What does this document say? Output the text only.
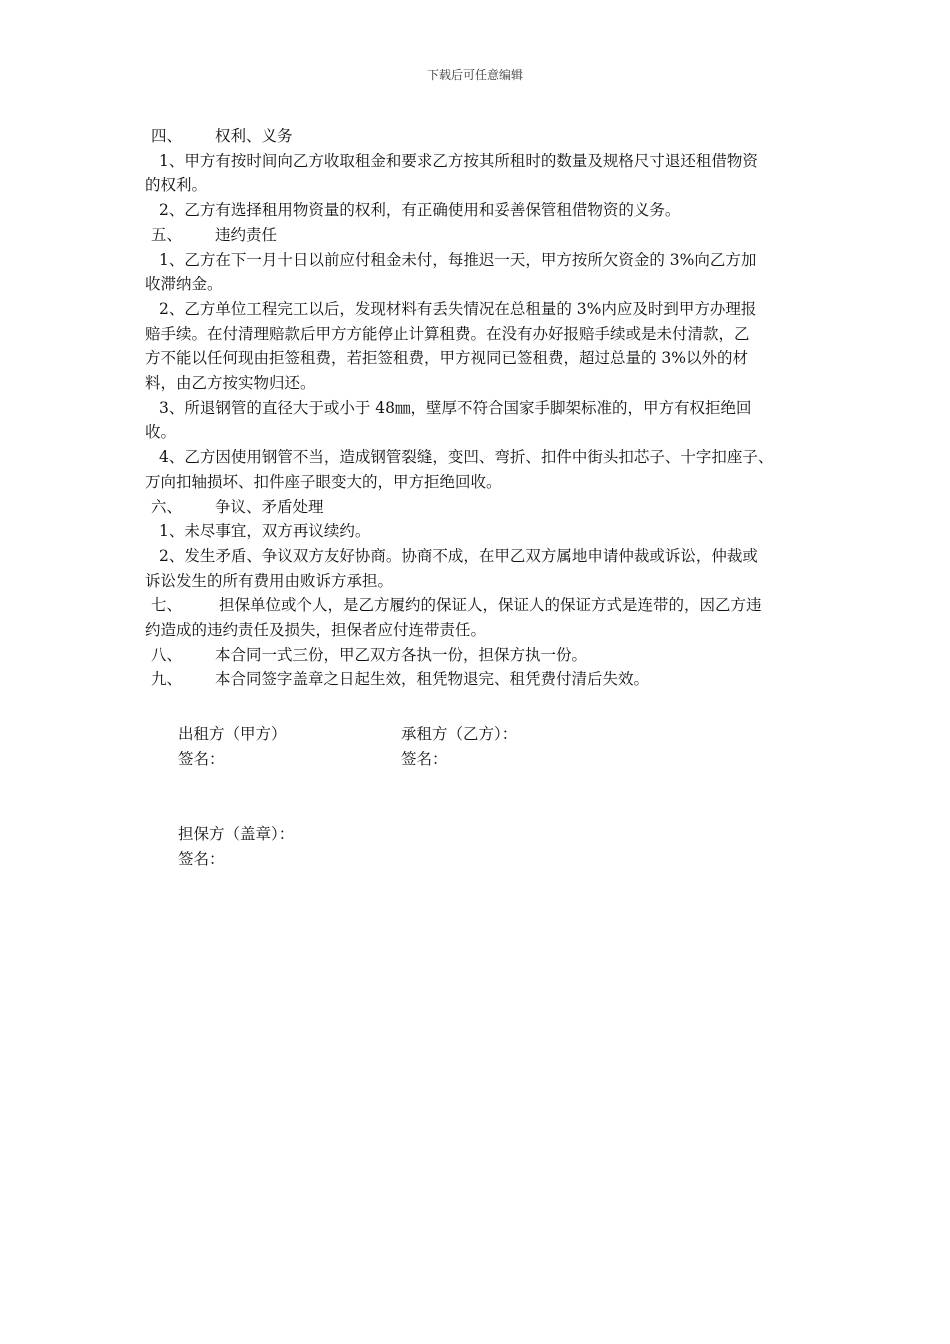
下载后可任意编辑
四、 权利、义务
1、甲方有按时间向乙方收取租金和要求乙方按其所租时的数量及规格尺寸退还租借物资
的权利。
2、乙方有选择租用物资量的权利，有正确使用和妥善保管租借物资的义务。
五、 违约责任
1、乙方在下一月十日以前应付租金未付，每推迟一天，甲方按所欠资金的 3%向乙方加
收滞纳金。
2、乙方单位工程完工以后，发现材料有丢失情况在总租量的 3%内应及时到甲方办理报
赔手续。在付清理赔款后甲方方能停止计算租费。在没有办好报赔手续或是未付清款，乙
方不能以任何现由拒签租费，若拒签租费，甲方视同已签租费，超过总量的 3%以外的材
料，由乙方按实物归还。
3、所退钢管的直径大于或小于 48㎜，壁厚不符合国家手脚架标准的，甲方有权拒绝回
收。
4、乙方因使用钢管不当，造成钢管裂缝，变凹、弯折、扣件中街头扣芯子、十字扣座子、
万向扣轴损坏、扣件座子眼变大的，甲方拒绝回收。
六、 争议、矛盾处理
1、未尽事宜，双方再议续约。
2、发生矛盾、争议双方友好协商。协商不成，在甲乙双方属地申请仲裁或诉讼，仲裁或
诉讼发生的所有费用由败诉方承担。
七、 担保单位或个人，是乙方履约的保证人，保证人的保证方式是连带的，因乙方违
约造成的违约责任及损失，担保者应付连带责任。
八、 本合同一式三份，甲乙双方各执一份，担保方执一份。
九、 本合同签字盖章之日起生效，租凭物退完、租凭费付清后失效。
出租方（甲方）	承租方（乙方）：
签名：	签名：
担保方（盖章）：
签名：
